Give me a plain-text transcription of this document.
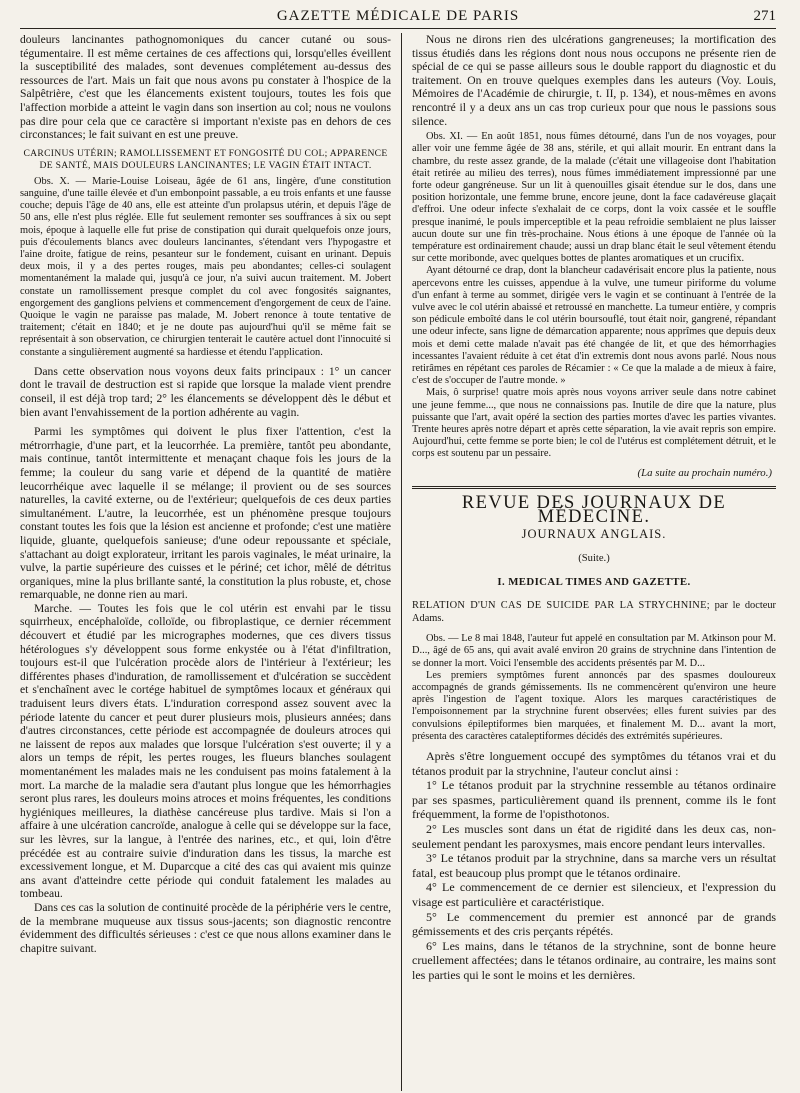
GAZETTE MÉDICALE DE PARIS	271

douleurs lancinantes pathognomoniques du cancer cutané ou sous-tégumentaire. Il est même certaines de ces affections qui, lorsqu'elles éveillent la susceptibilité des malades, sont devenues complétement au-dessus des ressources de l'art. Mais un fait que nous avons pu constater à l'hospice de la Salpêtrière, c'est que les élancements existent toujours, toutes les fois que l'affection morbide a atteint le vagin dans son insertion au col; nous ne voulons pas dire pour cela que ce caractère si important n'existe pas en dehors de ces circonstances; le fait suivant en est une preuve.

CARCINUS UTÉRIN; RAMOLLISSEMENT ET FONGOSITÉ DU COL; APPARENCE DE SANTÉ, MAIS DOULEURS LANCINANTES; LE VAGIN ÉTAIT INTACT.

Obs. X. — Marie-Louise Loiseau, âgée de 61 ans, lingère, d'une constitution sanguine, d'une taille élevée et d'un embonpoint passable, a eu trois enfants et une fausse couche; depuis l'âge de 40 ans, elle est atteinte d'un prolapsus utérin, et depuis l'âge de 50 ans, elle n'est plus réglée. Elle fut seulement remonter ses souffrances à six ou sept mois, époque à laquelle elle fut prise de constipation qui durait quelquefois onze jours, puis d'écoulements blancs avec douleurs lancinantes, s'étendant vers l'hypogastre et l'aine droite, fatigue de reins, pesanteur sur le fondement, cuisant en urinant. Depuis deux mois, il y a des pertes rouges, mais peu abondantes; celles-ci soulagent momentanément la malade qui, jusqu'à ce jour, n'a suivi aucun traitement. M. Jobert constate un ramollissement presque complet du col avec fongosités saignantes, engorgement des ganglions pelviens et commencement d'engorgement de ceux de l'aine. Quoique le vagin ne paraisse pas malade, M. Jobert renonce à toute tentative de traitement; c'était en 1840; et je ne doute pas aujourd'hui qu'il se même fait se représentait à son observation, ce chirurgien tenterait le cautère actuel dont l'innocuité si constante a singulièrement augmenté sa hardiesse et étendu l'application.

Dans cette observation nous voyons deux faits principaux : 1° un cancer dont le travail de destruction est si rapide que lorsque la malade vient prendre conseil, il est déjà trop tard; 2° les élancements se développent dès le début et bien avant l'envahissement de la portion adhérente au vagin.

Parmi les symptômes qui doivent le plus fixer l'attention, c'est la métrorrhagie, d'une part, et la leucorrhée. La première, tantôt peu abondante, mais continue, tantôt intermittente et menaçant chaque fois les jours de la femme; la couleur du sang varie et dépend de la quantité de matière leucorrhéique avec laquelle il se mélange; il provient ou de ses sources naturelles, la cavité externe, ou de l'extérieur; quelquefois de ces deux parties simultanément. L'autre, la leucorrhée, est un phénomène presque toujours constant toutes les fois que la lésion est ancienne et profonde; c'est une matière liquide, gluante, quelquefois sanieuse; d'une odeur repoussante et spéciale, s'attachant au doigt explorateur, irritant les parois vaginales, le méat urinaire, la vulve, la partie supérieure des cuisses et le périné; cet ichor, mêlé de détritus organiques, mine la plus brillante santé, la constitution la plus robuste, et, chose remarquable, ne donne rien au mari.

Marche. — Toutes les fois que le col utérin est envahi par le tissu squirrheux, encéphaloïde, colloïde, ou fibroplastique, ce dernier récemment découvert et étudié par les micrographes modernes, que ces divers tissus hétérologues s'y développent sous forme enkystée ou à l'état d'infiltration, toujours est-il que l'ulcération procède alors de l'intérieur à l'extérieur; les différentes phases d'induration, de ramollissement et d'ulcération se succèdent et s'enchaînent avec le cortége habituel de symptômes locaux et généraux qui traduisent leurs divers états. L'induration correspond assez souvent avec la période latente du cancer et peut durer plusieurs mois, plusieurs années; dans d'autres circonstances, cette période est accompagnée de douleurs atroces qui ne laissent de repos aux malades que lorsque l'ulcération s'est ouverte; il y a alors un temps de répit, les pertes rouges, les flueurs blanches soulagent momentanément les malades mais ne les conduisent pas moins fatalement à la mort. La marche de la maladie sera d'autant plus longue que les hémorrhagies seront plus rares, les douleurs moins atroces et moins fréquentes, les conditions hygiéniques meilleures, la diathèse cancéreuse plus tardive. Mais si l'on a affaire à une ulcération cancroïde, analogue à celle qui se développe sur la face, sur les lèvres, sur la langue, à l'entrée des narines, etc., et qui, loin d'être précédée est au contraire suivie d'induration dans les tissus, la marche est excessivement longue, et M. Duparcque a cité des cas qui avaient mis quinze ans avant d'atteindre cette période qui conduit fatalement les malades au tombeau.

Dans ces cas la solution de continuité procède de la périphérie vers le centre, de la membrane muqueuse aux tissus sous-jacents; son diagnostic rencontre évidemment des difficultés sérieuses : c'est ce que nous allons examiner dans le chapitre suivant.

Nous ne dirons rien des ulcérations gangreneuses; la mortification des tissus étudiés dans les régions dont nous nous occupons ne présente rien de spécial de ce qui se passe ailleurs sous le double rapport du diagnostic et du traitement. On en trouve quelques exemples dans les auteurs (Voy. Louis, Mémoires de l'Académie de chirurgie, t. II, p. 134), et nous-mêmes en avons rencontré il y a deux ans un cas trop curieux pour que nous le passions sous silence.

Obs. XI. — En août 1851, nous fûmes détourné, dans l'un de nos voyages, pour aller voir une femme âgée de 38 ans, stérile, et qui allait mourir. En entrant dans la chambre, du reste assez grande, de la malade (c'était une villageoise dont l'habitation était retirée au milieu des terres), nous fûmes immédiatement impressionné par une forte odeur gangréneuse. Sur un lit à quenouilles gisait étendue sur le dos, dans une position horizontale, une femme brune, encore jeune, dont la face cadavéreuse glaçait d'effroi. Une odeur infecte s'exhalait de ce corps, dont la voix cassée et le souffle presque inanimé, le pouls imperceptible et la peau refroidie semblaient ne plus laisser aucun doute sur une fin très-prochaine. Nous étions à une époque de l'année où la température est ordinairement chaude; aussi un drap blanc était le seul vêtement étendu sur cette moribonde, avec quelques bottes de plantes aromatiques et un crucifix.

Ayant détourné ce drap, dont la blancheur cadavérisait encore plus la patiente, nous apercevons entre les cuisses, appendue à la vulve, une tumeur piriforme du volume d'un enfant à terme au sommet, dirigée vers le vagin et se continuant à l'entrée de la vulve avec le col utérin abaissé et retroussé en manchette. La tumeur entière, y compris son pédicule emboîté dans le col utérin boursouflé, tout était noir, gangrené, répandant une odeur infecte, sans ligne de démarcation apparente; nous apprîmes que depuis deux mois et demi cette malade n'avait pas été changée de lit, et que des hémorrhagies incessantes l'avaient réduite à cet état d'in extremis dont nous avons parlé. Nous nous retirâmes en répétant ces paroles de Récamier : « Ce que la malade a de mieux à faire, c'est de s'occuper de l'autre monde. »

Mais, ô surprise! quatre mois après nous voyons arriver seule dans notre cabinet une jeune femme..., que nous ne connaissions pas. Inutile de dire que la nature, plus puissante que l'art, avait opéré la section des parties mortes d'avec les parties vivantes. Trente heures après notre départ et après cette séparation, la vie avait repris son empire. Aujourd'hui, cette femme se porte bien; le col de l'utérus est complétement détruit, et le corps est soutenu par un pessaire.

(La suite au prochain numéro.)
REVUE DES JOURNAUX DE MÉDECINE.
JOURNAUX ANGLAIS.
(Suite.)
I. MEDICAL TIMES AND GAZETTE.
RELATION D'UN CAS DE SUICIDE PAR LA STRYCHNINE; par le docteur Adams.

Obs. — Le 8 mai 1848, l'auteur fut appelé en consultation par M. Atkinson pour M. D..., âgé de 65 ans, qui avait avalé environ 20 grains de strychnine dans l'intention de se donner la mort. Voici l'ensemble des accidents présentés par M. D...

Les premiers symptômes furent annoncés par des spasmes douloureux accompagnés de grands gémissements. Ils ne commencèrent qu'environ une heure après l'ingestion de l'agent toxique. Alors les marques caractéristiques de l'empoisonnement par la strychnine furent observées; elles furent suivies par des convulsions épileptiformes bien marquées, et finalement M. D... avant la mort, présenta des caractères cataleptiformes décidés des extrémités supérieures.

Après s'être longuement occupé des symptômes du tétanos vrai et du tétanos produit par la strychnine, l'auteur conclut ainsi :

1° Le tétanos produit par la strychnine ressemble au tétanos ordinaire par ses spasmes, particulièrement quand ils prennent, comme ils le font fréquemment, la forme de l'opisthotonos.

2° Les muscles sont dans un état de rigidité dans les deux cas, non-seulement pendant les paroxysmes, mais encore pendant leurs intervalles.

3° Le tétanos produit par la strychnine, dans sa marche vers un résultat fatal, est beaucoup plus prompt que le tétanos ordinaire.

4° Le commencement de ce dernier est silencieux, et l'expression du visage est particulière et caractéristique.

5° Le commencement du premier est annoncé par de grands gémissements et des cris perçants répétés.

6° Les mains, dans le tétanos de la strychnine, sont de bonne heure cruellement affectées; dans le tétanos ordinaire, au contraire, les mains sont les parties qui le sont le moins et les dernières.
